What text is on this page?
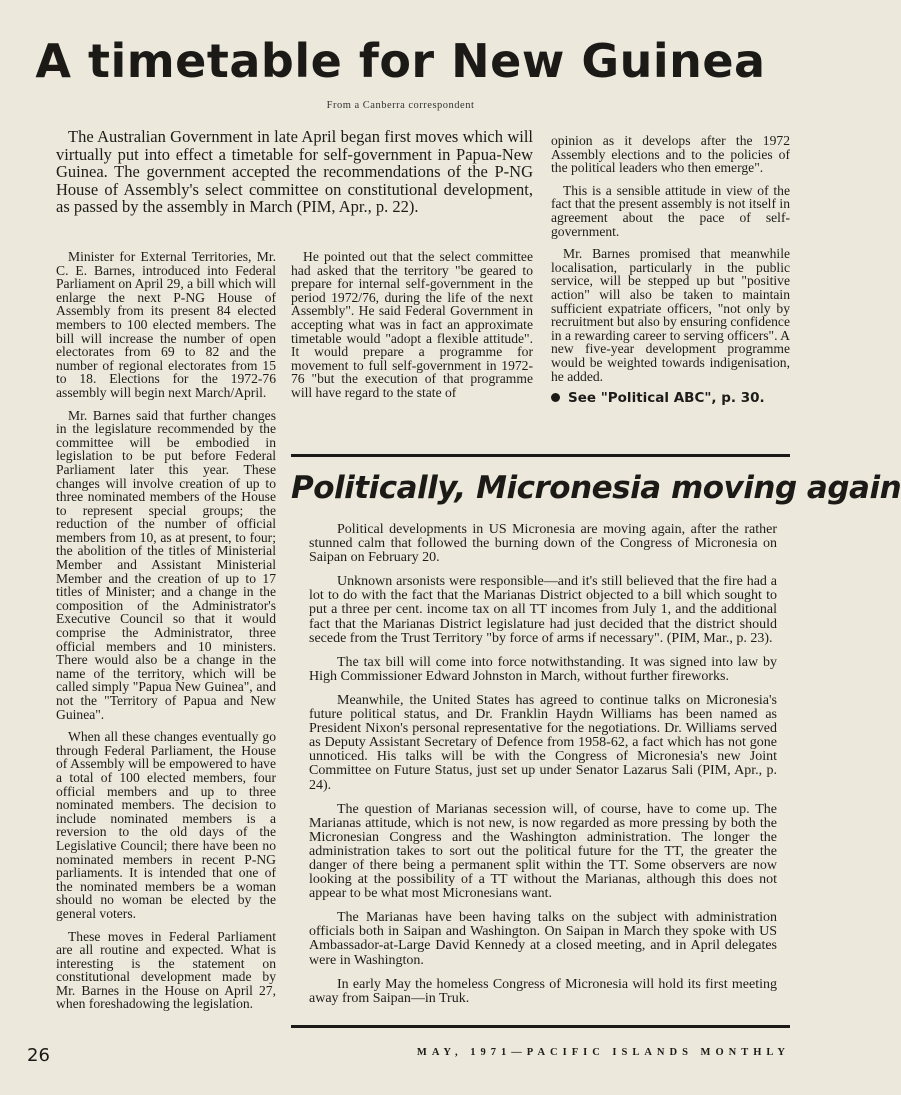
A timetable for New Guinea
From a Canberra correspondent

The Australian Government in late April began first moves which will virtually put into effect a timetable for self-government in Papua-New Guinea. The government accepted the recommendations of the P-NG House of Assembly's select committee on constitutional development, as passed by the assembly in March (PIM, Apr., p. 22).

Minister for External Territories, Mr. C. E. Barnes, introduced into Federal Parliament on April 29, a bill which will enlarge the next P-NG House of Assembly from its present 84 elected members to 100 elected members. The bill will increase the number of open electorates from 69 to 82 and the number of regional electorates from 15 to 18. Elections for the 1972-76 assembly will begin next March/April.

Mr. Barnes said that further changes in the legislature recommended by the committee will be embodied in legislation to be put before Federal Parliament later this year. These changes will involve creation of up to three nominated members of the House to represent special groups; the reduction of the number of official members from 10, as at present, to four; the abolition of the titles of Ministerial Member and Assistant Ministerial Member and the creation of up to 17 titles of Minister; and a change in the composition of the Administrator's Executive Council so that it would comprise the Administrator, three official members and 10 ministers. There would also be a change in the name of the territory, which will be called simply "Papua New Guinea", and not the "Territory of Papua and New Guinea".

When all these changes eventually go through Federal Parliament, the House of Assembly will be empowered to have a total of 100 elected members, four official members and up to three nominated members. The decision to include nominated members is a reversion to the old days of the Legislative Council; there have been no nominated members in recent P-NG parliaments. It is intended that one of the nominated members be a woman should no woman be elected by the general voters.

These moves in Federal Parliament are all routine and expected. What is interesting is the statement on constitutional development made by Mr. Barnes in the House on April 27, when foreshadowing the legislation.

He pointed out that the select committee had asked that the territory "be geared to prepare for internal self-government in the period 1972/76, during the life of the next Assembly". He said Federal Government in accepting what was in fact an approximate timetable would "adopt a flexible attitude". It would prepare a programme for movement to full self-government in 1972-76 "but the execution of that programme will have regard to the state of

opinion as it develops after the 1972 Assembly elections and to the policies of the political leaders who then emerge".

This is a sensible attitude in view of the fact that the present assembly is not itself in agreement about the pace of self-government.

Mr. Barnes promised that meanwhile localisation, particularly in the public service, will be stepped up but "positive action" will also be taken to maintain sufficient expatriate officers, "not only by recruitment but also by ensuring confidence in a rewarding career to serving officers". A new five-year development programme would be weighted towards indigenisation, he added.

See "Political ABC", p. 30.

Politically, Micronesia moving again

Political developments in US Micronesia are moving again, after the rather stunned calm that followed the burning down of the Congress of Micronesia on Saipan on February 20.

Unknown arsonists were responsible—and it's still believed that the fire had a lot to do with the fact that the Marianas District objected to a bill which sought to put a three per cent. income tax on all TT incomes from July 1, and the additional fact that the Marianas District legislature had just decided that the district should secede from the Trust Territory "by force of arms if necessary". (PIM, Mar., p. 23).

The tax bill will come into force notwithstanding. It was signed into law by High Commissioner Edward Johnston in March, without further fireworks.

Meanwhile, the United States has agreed to continue talks on Micronesia's future political status, and Dr. Franklin Haydn Williams has been named as President Nixon's personal representative for the negotiations. Dr. Williams served as Deputy Assistant Secretary of Defence from 1958-62, a fact which has not gone unnoticed. His talks will be with the Congress of Micronesia's new Joint Committee on Future Status, just set up under Senator Lazarus Sali (PIM, Apr., p. 24).

The question of Marianas secession will, of course, have to come up. The Marianas attitude, which is not new, is now regarded as more pressing by both the Micronesian Congress and the Washington administration. The longer the administration takes to sort out the political future for the TT, the greater the danger of there being a permanent split within the TT. Some observers are now looking at the possibility of a TT without the Marianas, although this does not appear to be what most Micronesians want.

The Marianas have been having talks on the subject with administration officials both in Saipan and Washington. On Saipan in March they spoke with US Ambassador-at-Large David Kennedy at a closed meeting, and in April delegates were in Washington.

In early May the homeless Congress of Micronesia will hold its first meeting away from Saipan—in Truk.

26	MAY, 1971—PACIFIC ISLANDS MONTHLY
